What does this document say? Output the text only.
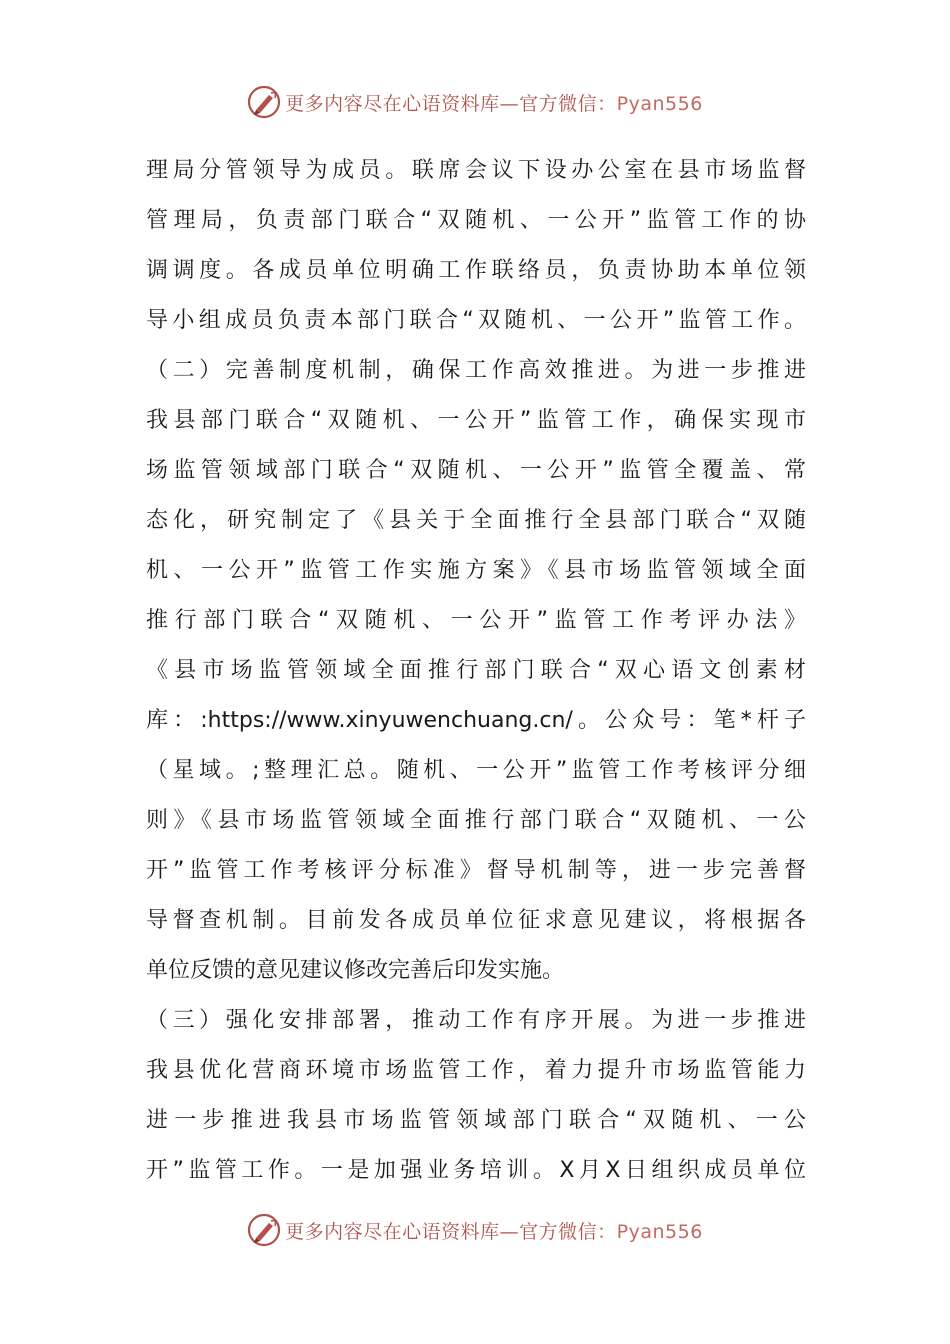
更多内容尽在心语资料库—官方微信：Pyan556
理局分管领导为成员。联席会议下设办公室在县市场监督
管理局，负责部门联合“双随机、一公开”监管工作的协
调调度。各成员单位明确工作联络员，负责协助本单位领
导小组成员负责本部门联合“双随机、一公开”监管工作。
（二）完善制度机制，确保工作高效推进。为进一步推进
我县部门联合“双随机、一公开”监管工作，确保实现市
场监管领域部门联合“双随机、一公开”监管全覆盖、常
态化，研究制定了《县关于全面推行全县部门联合“双随
机、一公开”监管工作实施方案》《县市场监管领域全面
推行部门联合“双随机、一公开”监管工作考评办法》
《县市场监管领域全面推行部门联合“双心语文创素材
库：:https://www.xinyuwenchuang.cn/。公众号：笔*杆子
（星域。;整理汇总。随机、一公开”监管工作考核评分细
则》《县市场监管领域全面推行部门联合“双随机、一公
开”监管工作考核评分标准》督导机制等，进一步完善督
导督查机制。目前发各成员单位征求意见建议，将根据各
单位反馈的意见建议修改完善后印发实施。
（三）强化安排部署，推动工作有序开展。为进一步推进
我县优化营商环境市场监管工作，着力提升市场监管能力
进一步推进我县市场监管领域部门联合“双随机、一公
开”监管工作。一是加强业务培训。X月X日组织成员单位
更多内容尽在心语资料库—官方微信：Pyan556
